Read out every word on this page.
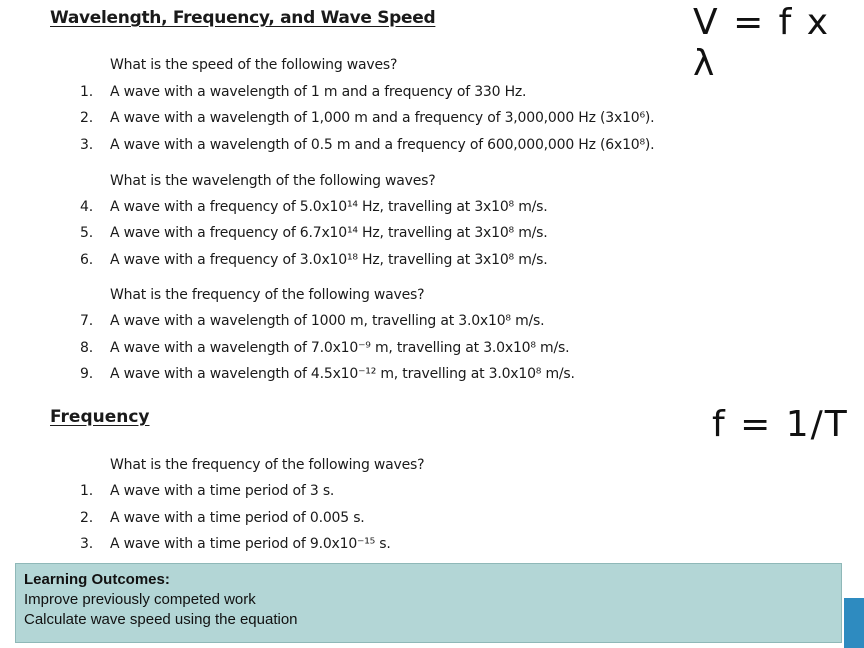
Wavelength, Frequency, and Wave Speed	V = f x λ
What is the speed of the following waves?
1. A wave with a wavelength of 1 m and a frequency of 330 Hz.
2. A wave with a wavelength of 1,000 m and a frequency of 3,000,000 Hz (3x10⁶).
3. A wave with a wavelength of 0.5 m and a frequency of 600,000,000 Hz (6x10⁸).
What is the wavelength of the following waves?
4. A wave with a frequency of 5.0x10¹⁴ Hz, travelling at 3x10⁸ m/s.
5. A wave with a frequency of 6.7x10¹⁴ Hz, travelling at 3x10⁸ m/s.
6. A wave with a frequency of 3.0x10¹⁸ Hz, travelling at 3x10⁸ m/s.
What is the frequency of the following waves?
7. A wave with a wavelength of 1000 m, travelling at 3.0x10⁸ m/s.
8. A wave with a wavelength of 7.0x10⁻⁹ m, travelling at 3.0x10⁸ m/s.
9. A wave with a wavelength of 4.5x10⁻¹² m, travelling at 3.0x10⁸ m/s.
Frequency	f = 1/T
What is the frequency of the following waves?
1. A wave with a time period of 3 s.
2. A wave with a time period of 0.005 s.
3. A wave with a time period of 9.0x10⁻¹⁵ s.
Learning Outcomes:
Improve previously competed work
Calculate wave speed using the equation
